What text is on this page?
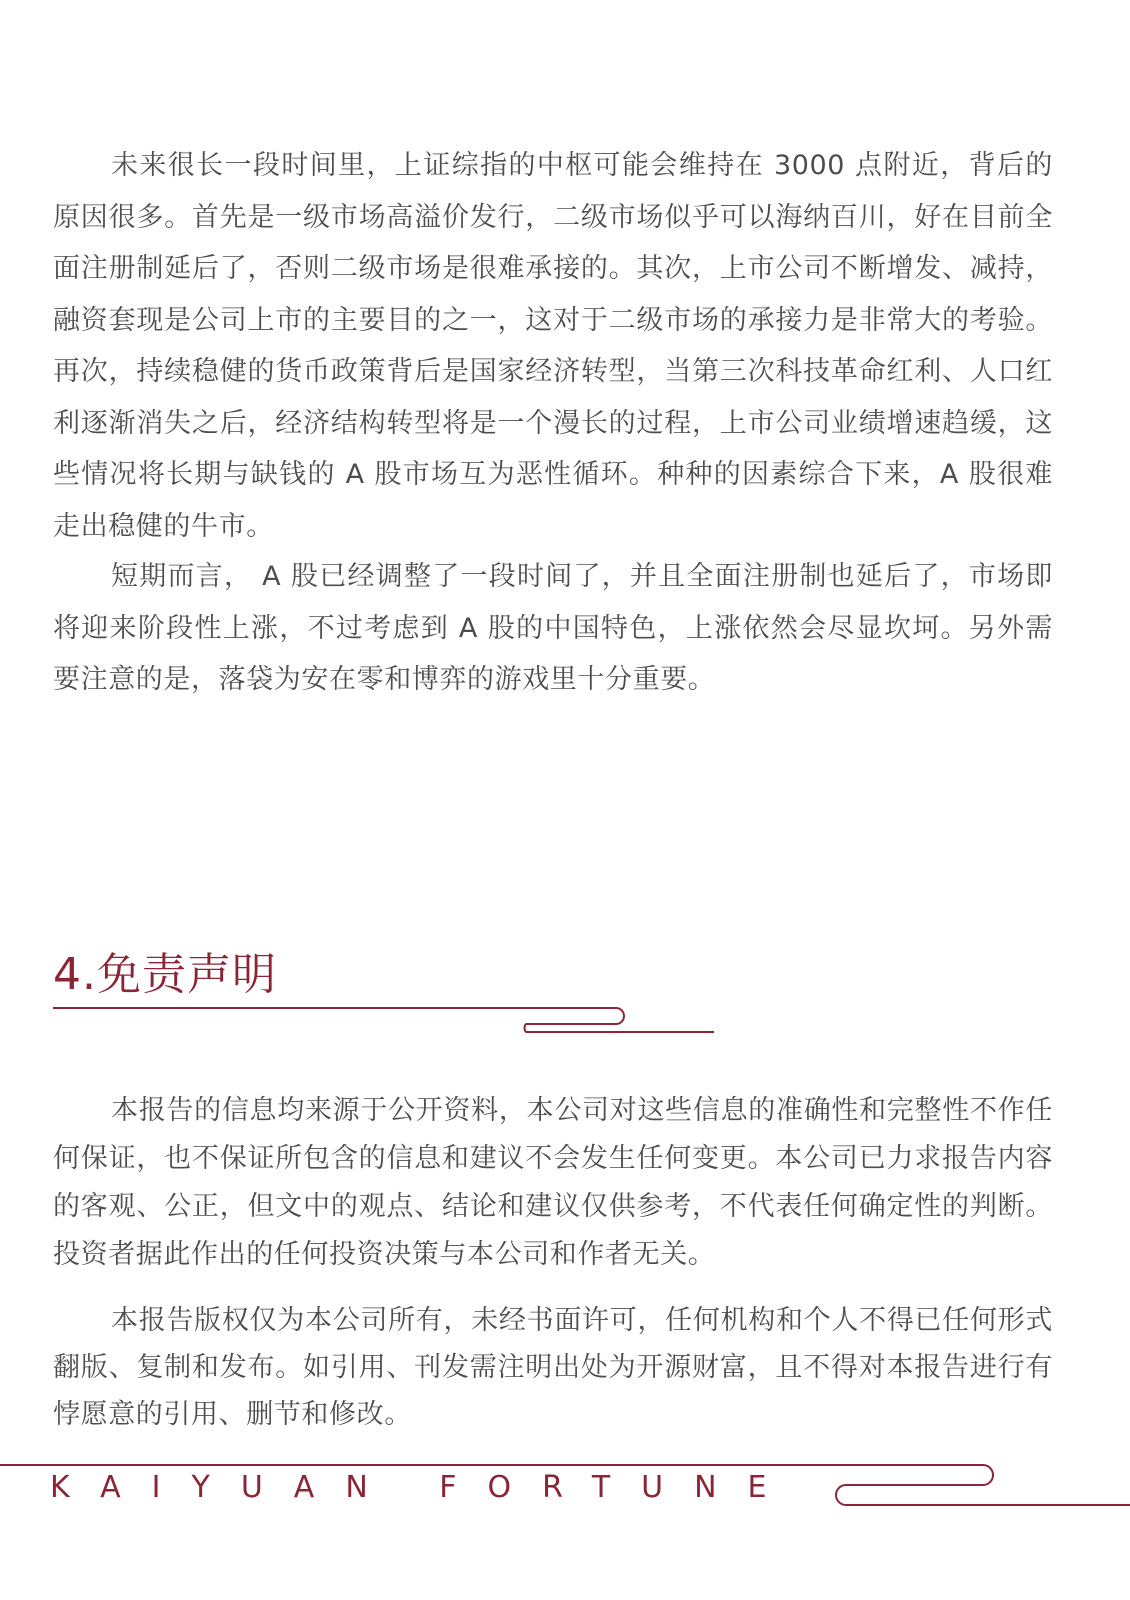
未来很长一段时间里，上证综指的中枢可能会维持在 3000 点附近，背后的原因很多。首先是一级市场高溢价发行，二级市场似乎可以海纳百川，好在目前全面注册制延后了，否则二级市场是很难承接的。其次，上市公司不断增发、减持，融资套现是公司上市的主要目的之一，这对于二级市场的承接力是非常大的考验。再次，持续稳健的货币政策背后是国家经济转型，当第三次科技革命红利、人口红利逐渐消失之后，经济结构转型将是一个漫长的过程，上市公司业绩增速趋缓，这些情况将长期与缺钱的 A 股市场互为恶性循环。种种的因素综合下来，A 股很难走出稳健的牛市。

短期而言， A 股已经调整了一段时间了，并且全面注册制也延后了，市场即将迎来阶段性上涨，不过考虑到 A 股的中国特色，上涨依然会尽显坎坷。另外需要注意的是，落袋为安在零和博弈的游戏里十分重要。

4.免责声明

本报告的信息均来源于公开资料，本公司对这些信息的准确性和完整性不作任何保证，也不保证所包含的信息和建议不会发生任何变更。本公司已力求报告内容的客观、公正，但文中的观点、结论和建议仅供参考，不代表任何确定性的判断。投资者据此作出的任何投资决策与本公司和作者无关。

本报告版权仅为本公司所有，未经书面许可，任何机构和个人不得已任何形式翻版、复制和发布。如引用、刊发需注明出处为开源财富，且不得对本报告进行有悖愿意的引用、删节和修改。

KAIYUAN FORTUNE
